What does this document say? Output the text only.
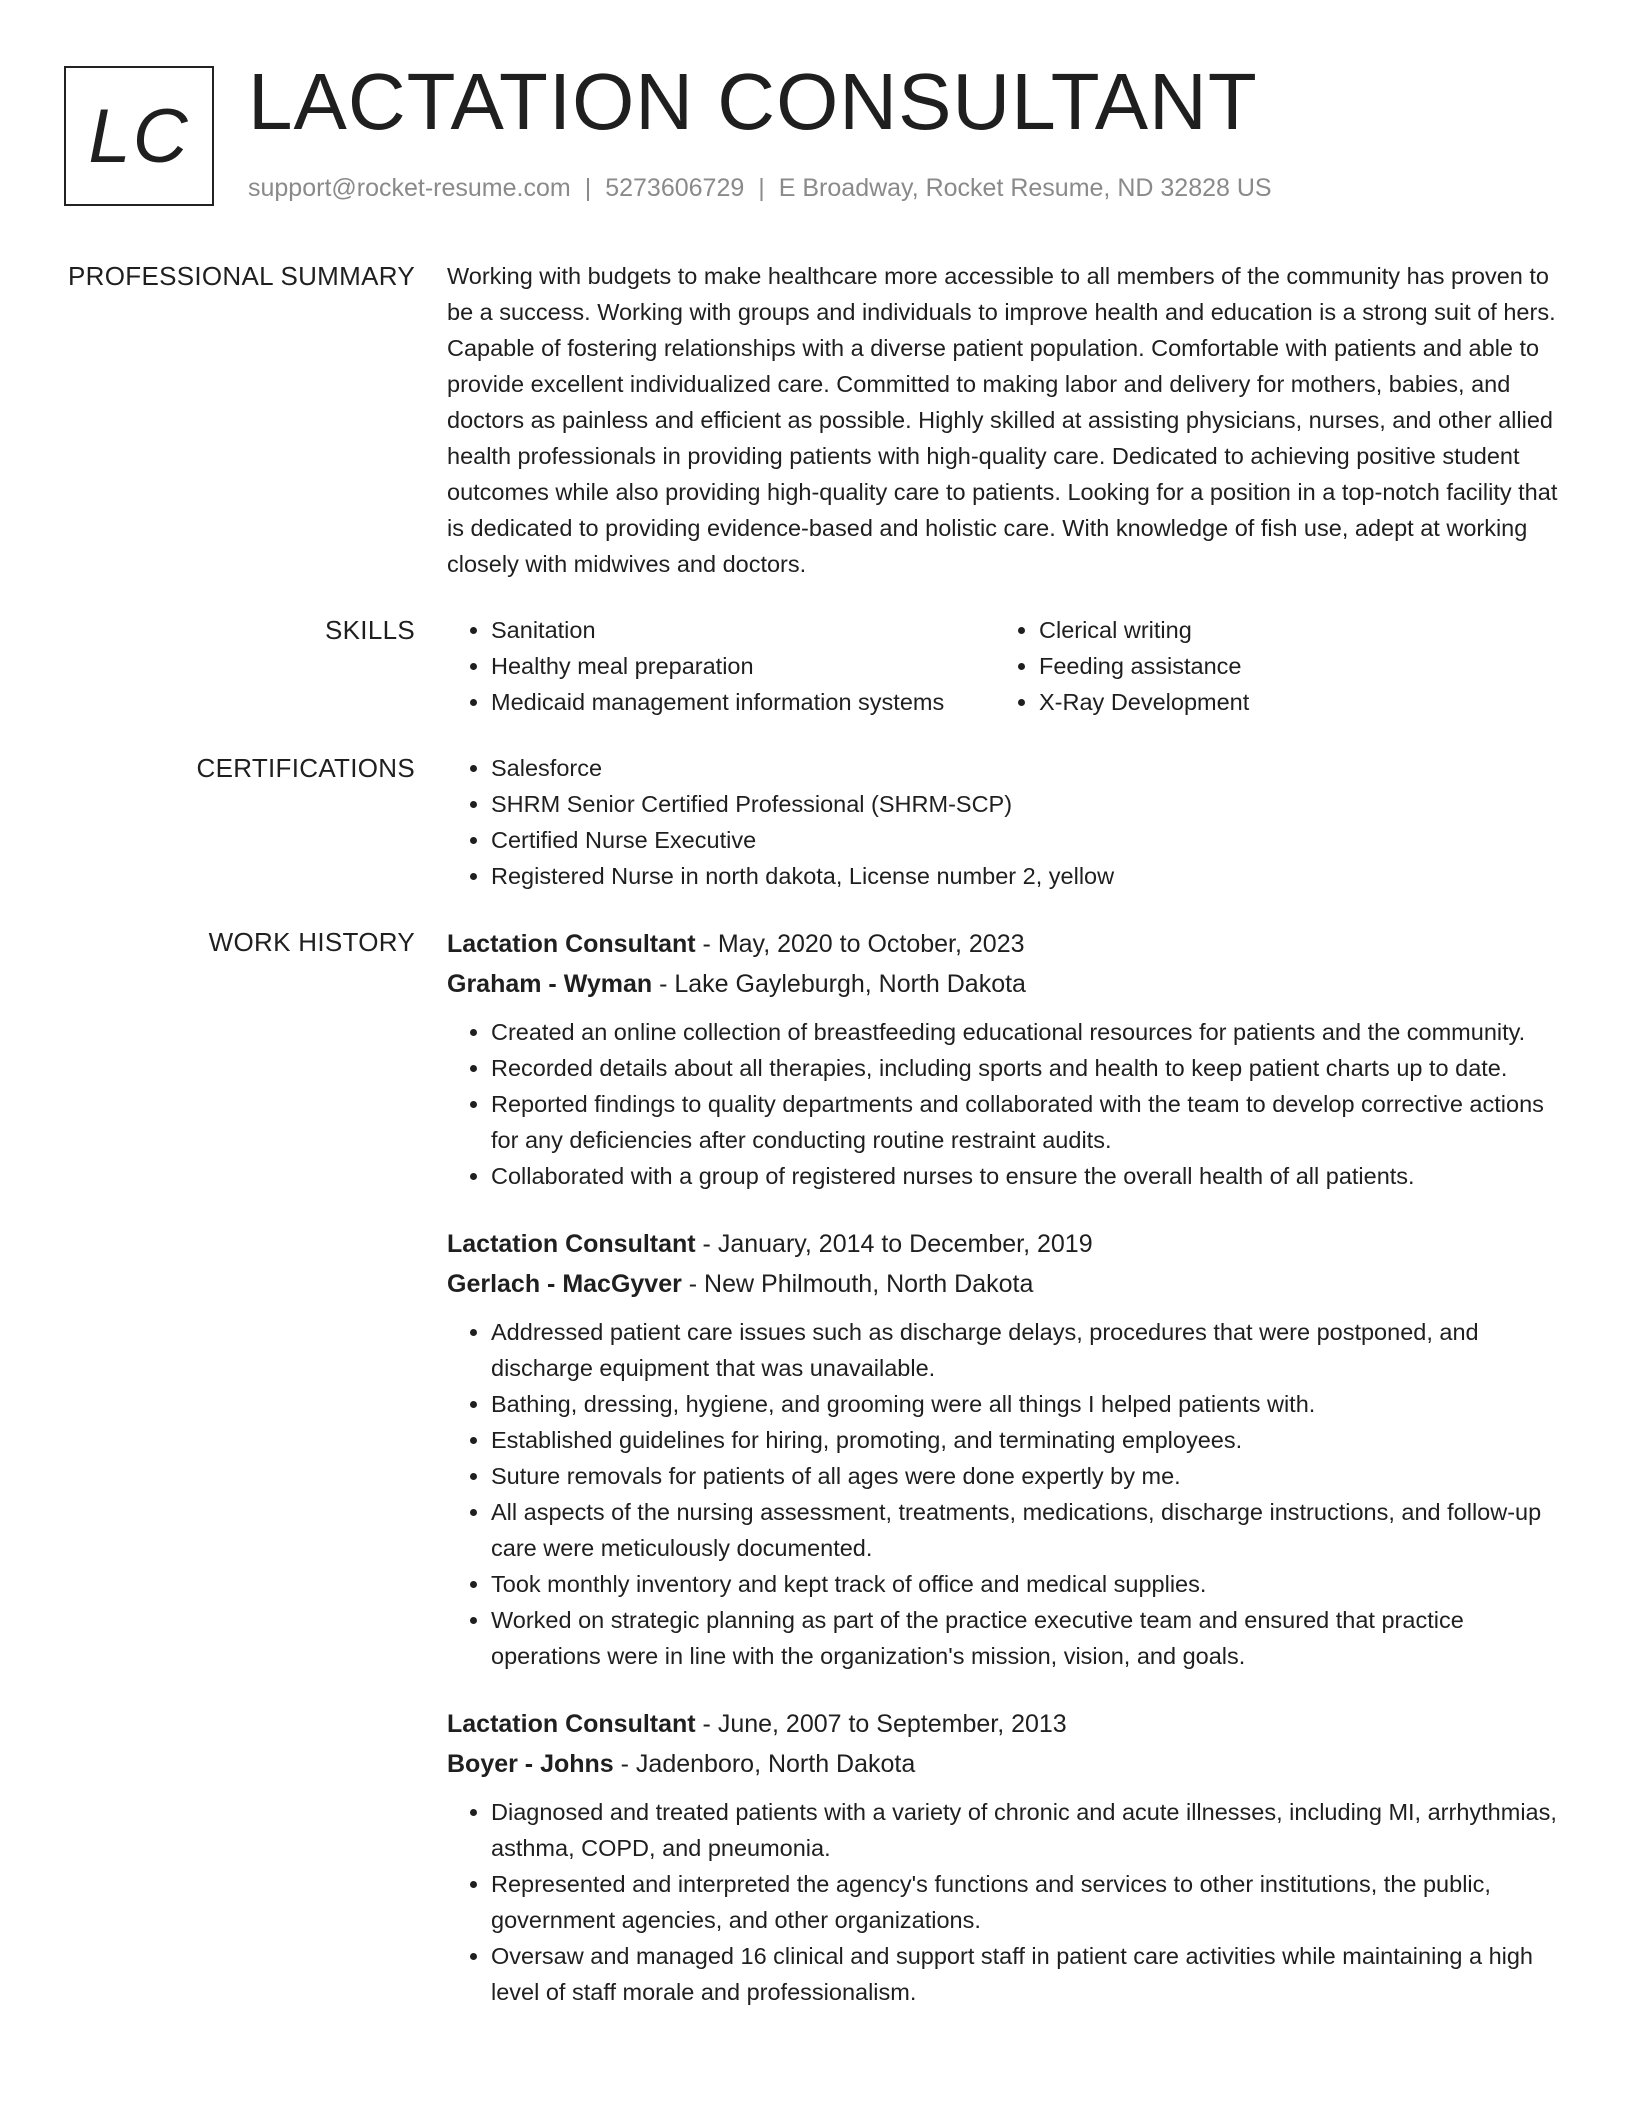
LC LACTATION CONSULTANT
support@rocket-resume.com | 5273606729 | E Broadway, Rocket Resume, ND 32828 US
PROFESSIONAL SUMMARY Working with budgets to make healthcare more accessible to all members of the community has proven to be a success. Working with groups and individuals to improve health and education is a strong suit of hers. Capable of fostering relationships with a diverse patient population. Comfortable with patients and able to provide excellent individualized care. Committed to making labor and delivery for mothers, babies, and doctors as painless and efficient as possible. Highly skilled at assisting physicians, nurses, and other allied health professionals in providing patients with high-quality care. Dedicated to achieving positive student outcomes while also providing high-quality care to patients. Looking for a position in a top-notch facility that is dedicated to providing evidence-based and holistic care. With knowledge of fish use, adept at working closely with midwives and doctors.

SKILLS	• Sanitation
• Healthy meal preparation
• Medicaid management information systems
• Clerical writing
• Feeding assistance
• X-Ray Development
CERTIFICATIONS	• Salesforce
• SHRM Senior Certified Professional (SHRM-SCP)
• Certified Nurse Executive
• Registered Nurse in north dakota, License number 2, yellow
WORK HISTORY Lactation Consultant - May, 2020 to October, 2023
Graham - Wyman - Lake Gayleburgh, North Dakota
• Created an online collection of breastfeeding educational resources for patients and the community.
• Recorded details about all therapies, including sports and health to keep patient charts up to date.
• Reported findings to quality departments and collaborated with the team to develop corrective actions for any deficiencies after conducting routine restraint audits.
• Collaborated with a group of registered nurses to ensure the overall health of all patients.
Lactation Consultant - January, 2014 to December, 2019
Gerlach - MacGyver - New Philmouth, North Dakota
• Addressed patient care issues such as discharge delays, procedures that were postponed, and discharge equipment that was unavailable.
• Bathing, dressing, hygiene, and grooming were all things I helped patients with.
• Established guidelines for hiring, promoting, and terminating employees.
• Suture removals for patients of all ages were done expertly by me.
• All aspects of the nursing assessment, treatments, medications, discharge instructions, and follow-up care were meticulously documented.
• Took monthly inventory and kept track of office and medical supplies.
• Worked on strategic planning as part of the practice executive team and ensured that practice operations were in line with the organization's mission, vision, and goals.
Lactation Consultant - June, 2007 to September, 2013
Boyer - Johns - Jadenboro, North Dakota
• Diagnosed and treated patients with a variety of chronic and acute illnesses, including MI, arrhythmias, asthma, COPD, and pneumonia.
• Represented and interpreted the agency's functions and services to other institutions, the public, government agencies, and other organizations.
• Oversaw and managed 16 clinical and support staff in patient care activities while maintaining a high level of staff morale and professionalism.
